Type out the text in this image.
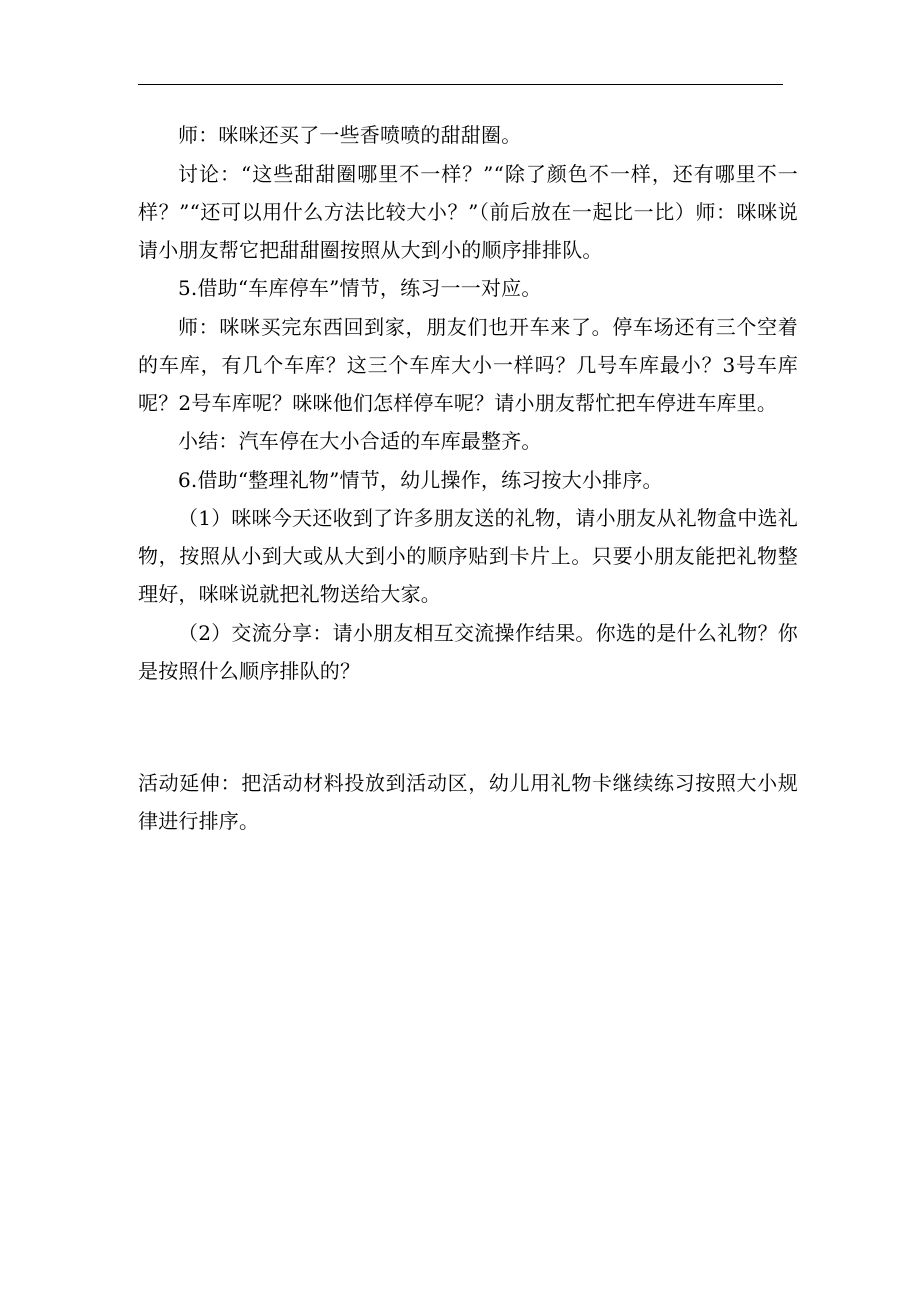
师：咪咪还买了一些香喷喷的甜甜圈。

讨论：“这些甜甜圈哪里不一样？”“除了颜色不一样，还有哪里不一样？”“还可以用什么方法比较大小？”（前后放在一起比一比）师：咪咪说请小朋友帮它把甜甜圈按照从大到小的顺序排排队。

5.借助“车库停车”情节，练习一一对应。

师：咪咪买完东西回到家，朋友们也开车来了。停车场还有三个空着的车库，有几个车库？这三个车库大小一样吗？几号车库最小？3号车库呢？2号车库呢？咪咪他们怎样停车呢？请小朋友帮忙把车停进车库里。

小结：汽车停在大小合适的车库最整齐。

6.借助“整理礼物”情节，幼儿操作，练习按大小排序。

（1）咪咪今天还收到了许多朋友送的礼物，请小朋友从礼物盒中选礼物，按照从小到大或从大到小的顺序贴到卡片上。只要小朋友能把礼物整理好，咪咪说就把礼物送给大家。

（2）交流分享：请小朋友相互交流操作结果。你选的是什么礼物？你是按照什么顺序排队的？

活动延伸：把活动材料投放到活动区，幼儿用礼物卡继续练习按照大小规律进行排序。
